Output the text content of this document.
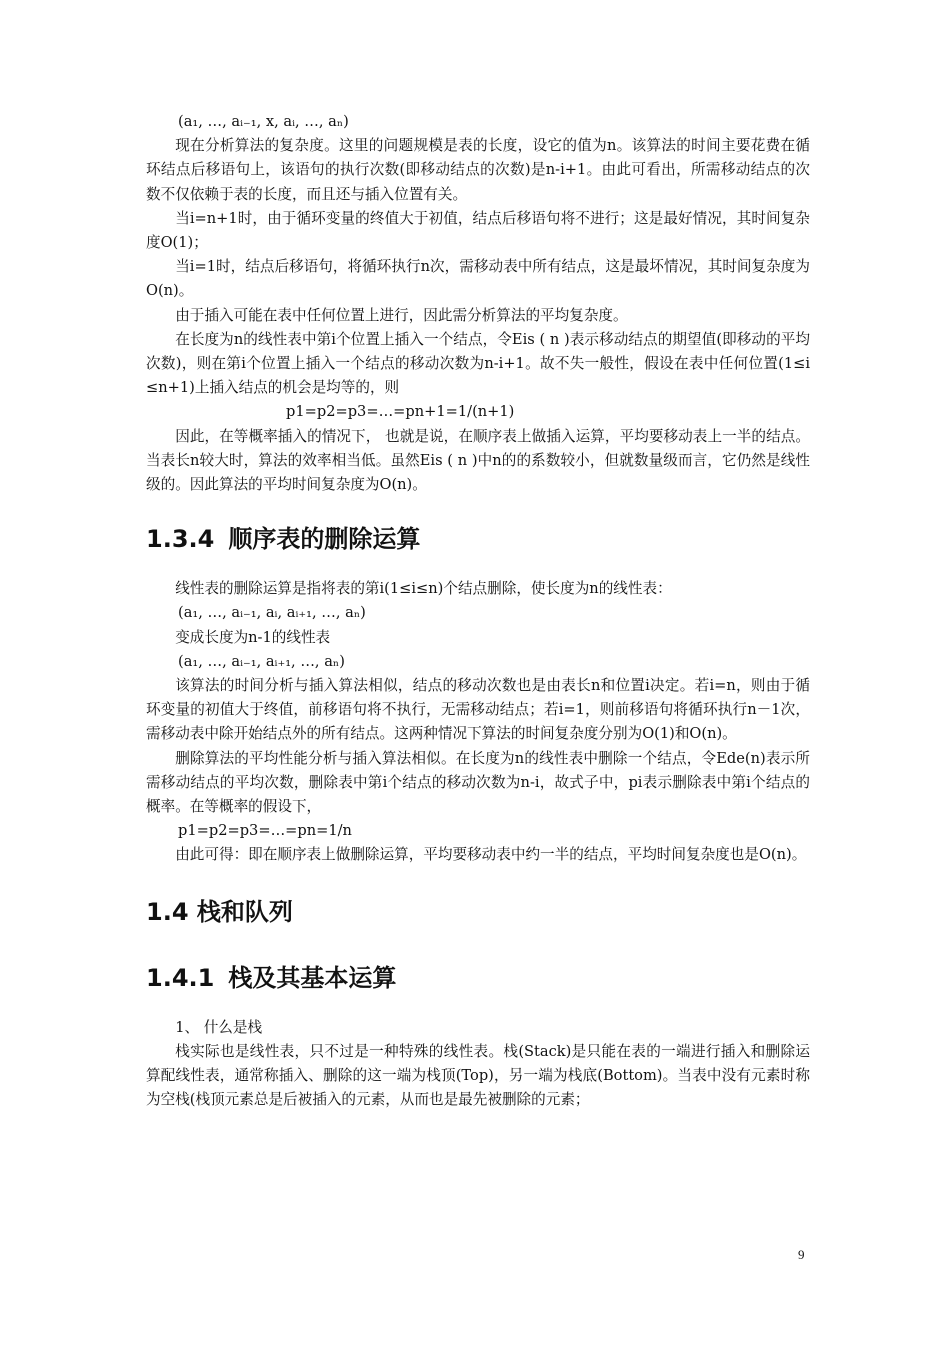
(a₁, …, aᵢ₋₁, x, aᵢ, …, aₙ)

现在分析算法的复杂度。这里的问题规模是表的长度，设它的值为n。该算法的时间主要花费在循环结点后移语句上，该语句的执行次数(即移动结点的次数)是n-i+1。由此可看出，所需移动结点的次数不仅依赖于表的长度，而且还与插入位置有关。

当i=n+1时，由于循环变量的终值大于初值，结点后移语句将不进行；这是最好情况，其时间复杂度O(1)；

当i=1时，结点后移语句，将循环执行n次，需移动表中所有结点，这是最坏情况，其时间复杂度为O(n)。

由于插入可能在表中任何位置上进行，因此需分析算法的平均复杂度。

在长度为n的线性表中第i个位置上插入一个结点，令Eis ( n )表示移动结点的期望值(即移动的平均次数)，则在第i个位置上插入一个结点的移动次数为n-i+1。故不失一般性，假设在表中任何位置(1≤i≤n+1)上插入结点的机会是均等的，则

p1=p2=p3=…=pn+1=1/(n+1)

因此，在等概率插入的情况下， 也就是说，在顺序表上做插入运算，平均要移动表上一半的结点。当表长n较大时，算法的效率相当低。虽然Eis ( n )中n的的系数较小，但就数量级而言，它仍然是线性级的。因此算法的平均时间复杂度为O(n)。

1.3.4 顺序表的删除运算

线性表的删除运算是指将表的第i(1≤i≤n)个结点删除，使长度为n的线性表：

(a₁, …, aᵢ₋₁, aᵢ, aᵢ₊₁, …, aₙ)

变成长度为n-1的线性表

(a₁, …, aᵢ₋₁, aᵢ₊₁, …, aₙ)

该算法的时间分析与插入算法相似，结点的移动次数也是由表长n和位置i决定。若i=n，则由于循环变量的初值大于终值，前移语句将不执行，无需移动结点；若i=1，则前移语句将循环执行n－1次，需移动表中除开始结点外的所有结点。这两种情况下算法的时间复杂度分别为O(1)和O(n)。

删除算法的平均性能分析与插入算法相似。在长度为n的线性表中删除一个结点，令Ede(n)表示所需移动结点的平均次数，删除表中第i个结点的移动次数为n-i，故式子中，pi表示删除表中第i个结点的概率。在等概率的假设下，

p1=p2=p3=…=pn=1/n

由此可得：即在顺序表上做删除运算，平均要移动表中约一半的结点，平均时间复杂度也是O(n)。

1.4 栈和队列
1.4.1 栈及其基本运算

1、 什么是栈

栈实际也是线性表，只不过是一种特殊的线性表。栈(Stack)是只能在表的一端进行插入和删除运算配线性表，通常称插入、删除的这一端为栈顶(Top)，另一端为栈底(Bottom)。当表中没有元素时称为空栈(栈顶元素总是后被插入的元素，从而也是最先被删除的元素；

9
